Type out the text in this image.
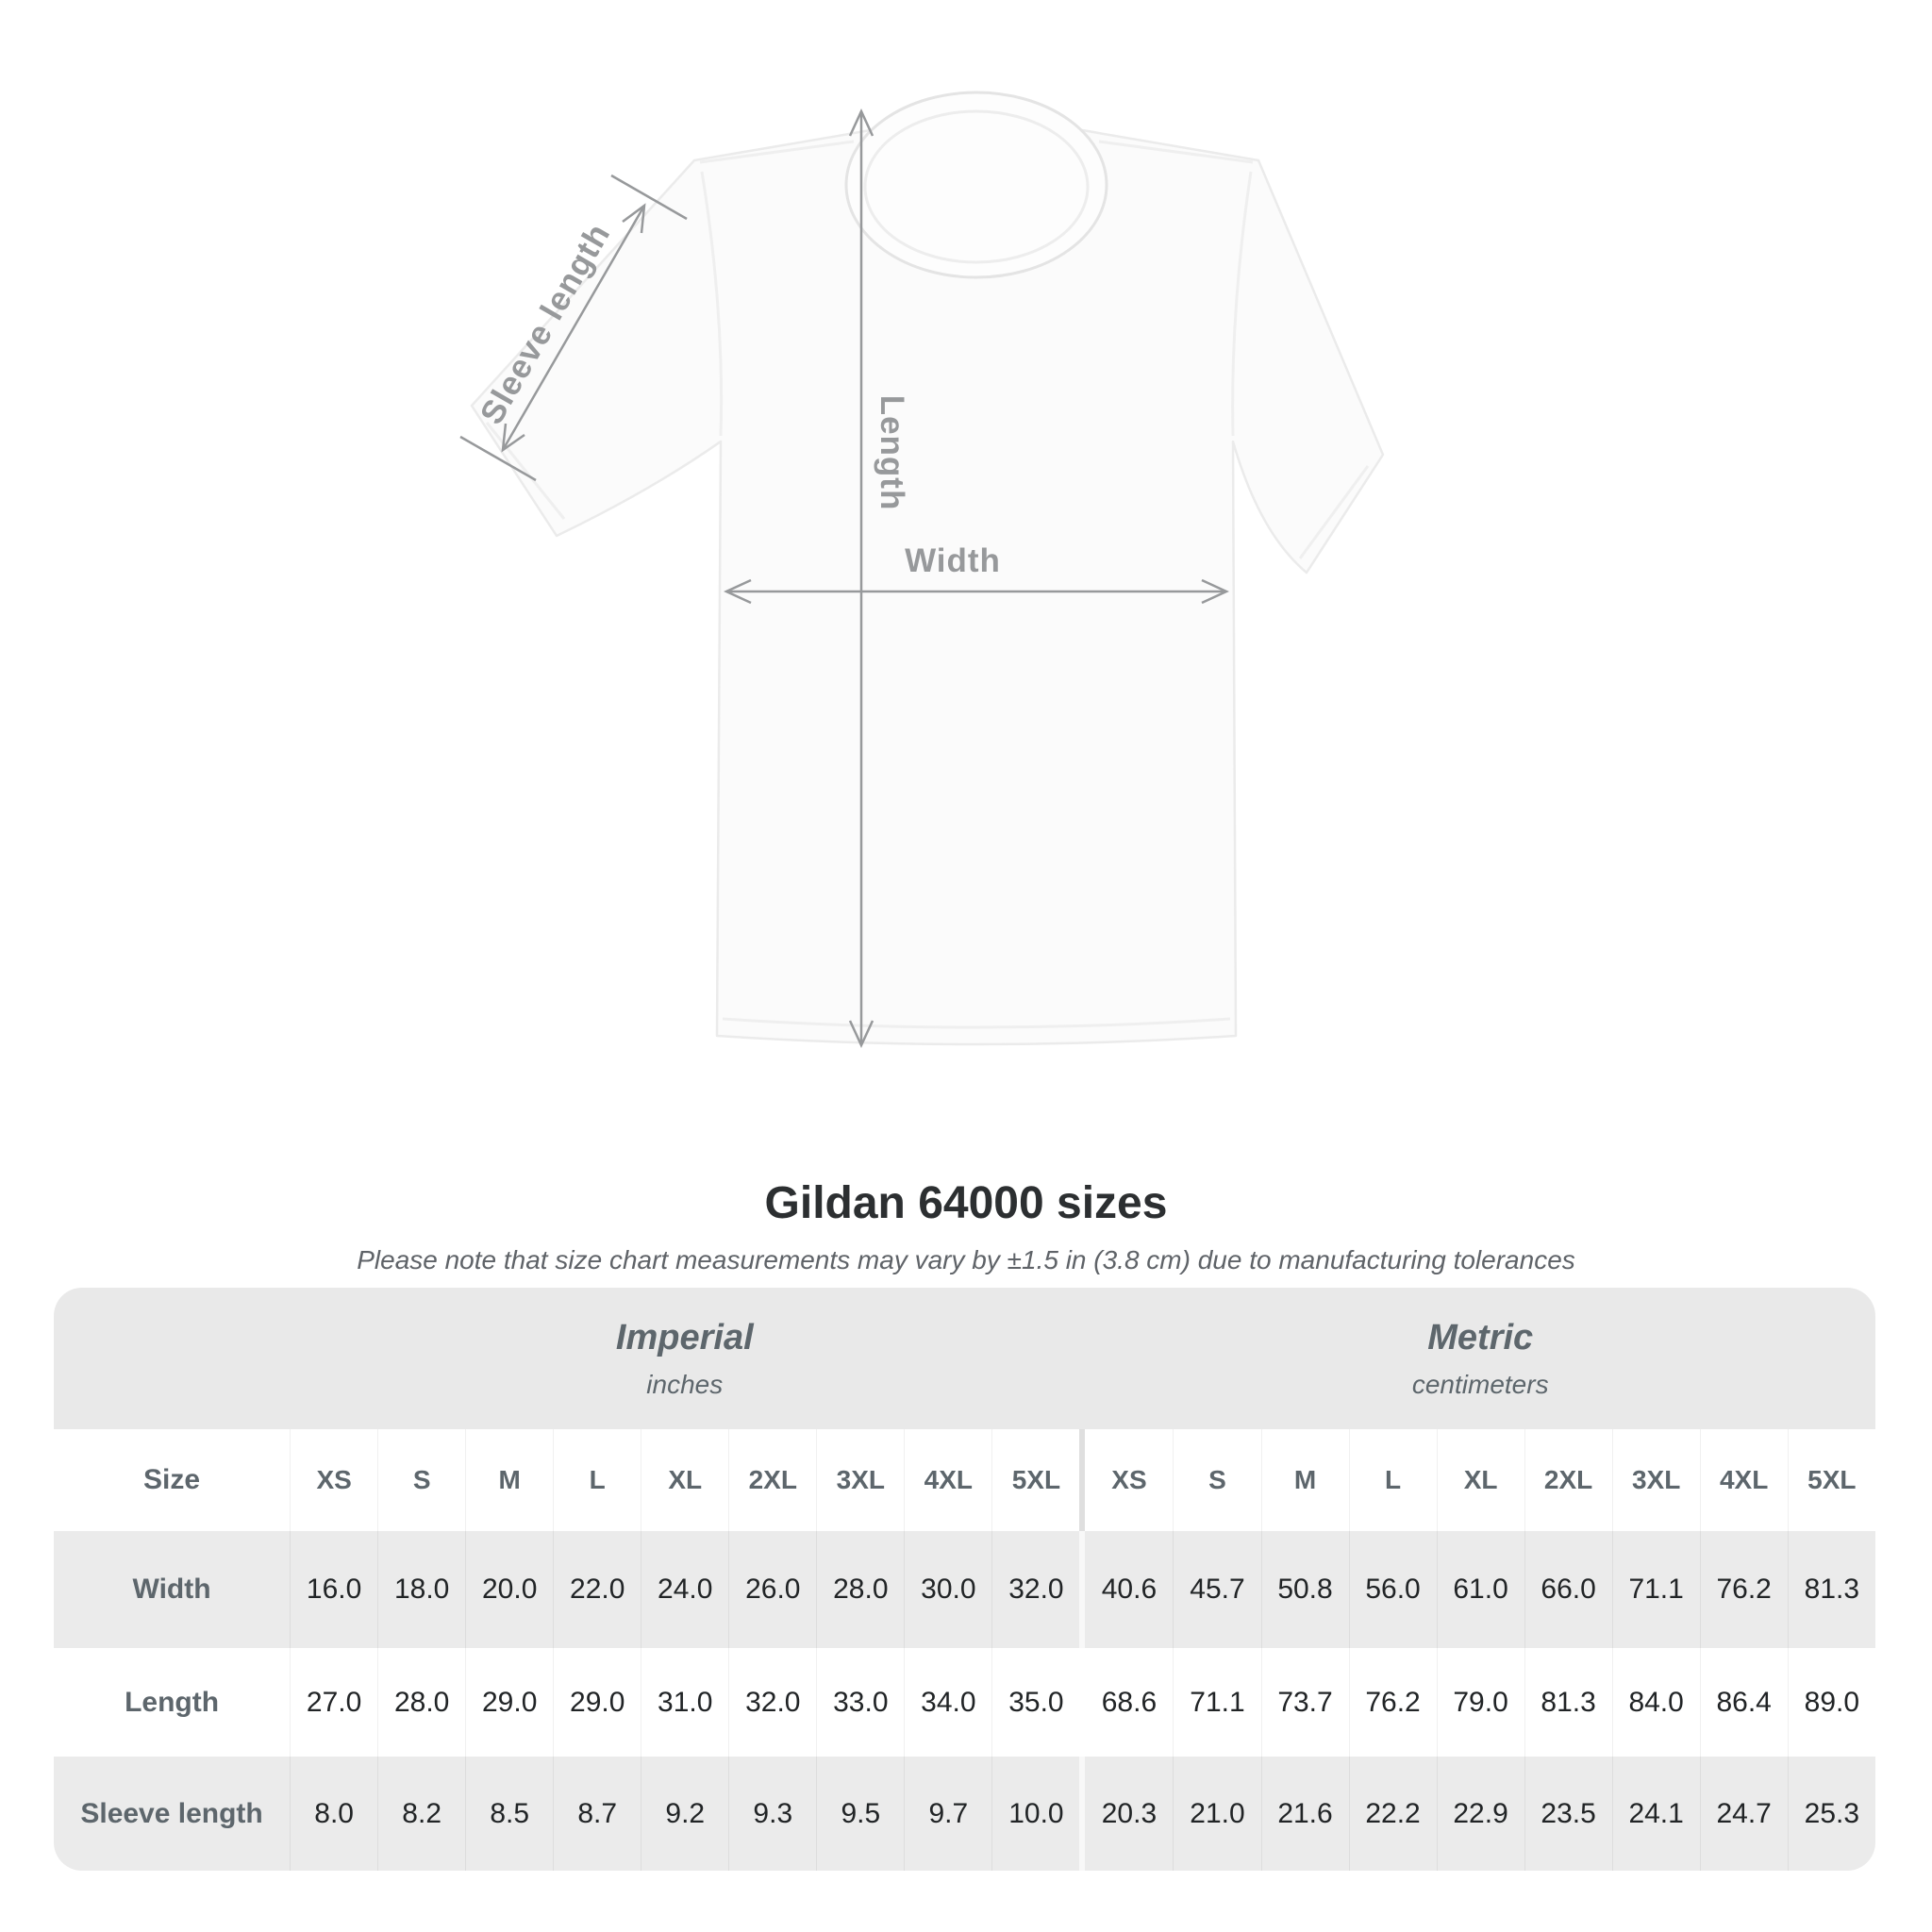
Sleeve length
Length
Width
Gildan 64000 sizes
Please note that size chart measurements may vary by ±1.5 in (3.8 cm) due to manufacturing tolerances

Imperial
inches

Metric
centimeters

Size	XS	S	M	L	XL	2XL	3XL	4XL	5XL		XS	S	M	L	XL	2XL	3XL	4XL	5XL
Width	16.0	18.0	20.0	22.0	24.0	26.0	28.0	30.0	32.0		40.6	45.7	50.8	56.0	61.0	66.0	71.1	76.2	81.3
Length	27.0	28.0	29.0	29.0	31.0	32.0	33.0	34.0	35.0		68.6	71.1	73.7	76.2	79.0	81.3	84.0	86.4	89.0
Sleeve length	8.0	8.2	8.5	8.7	9.2	9.3	9.5	9.7	10.0		20.3	21.0	21.6	22.2	22.9	23.5	24.1	24.7	25.3
